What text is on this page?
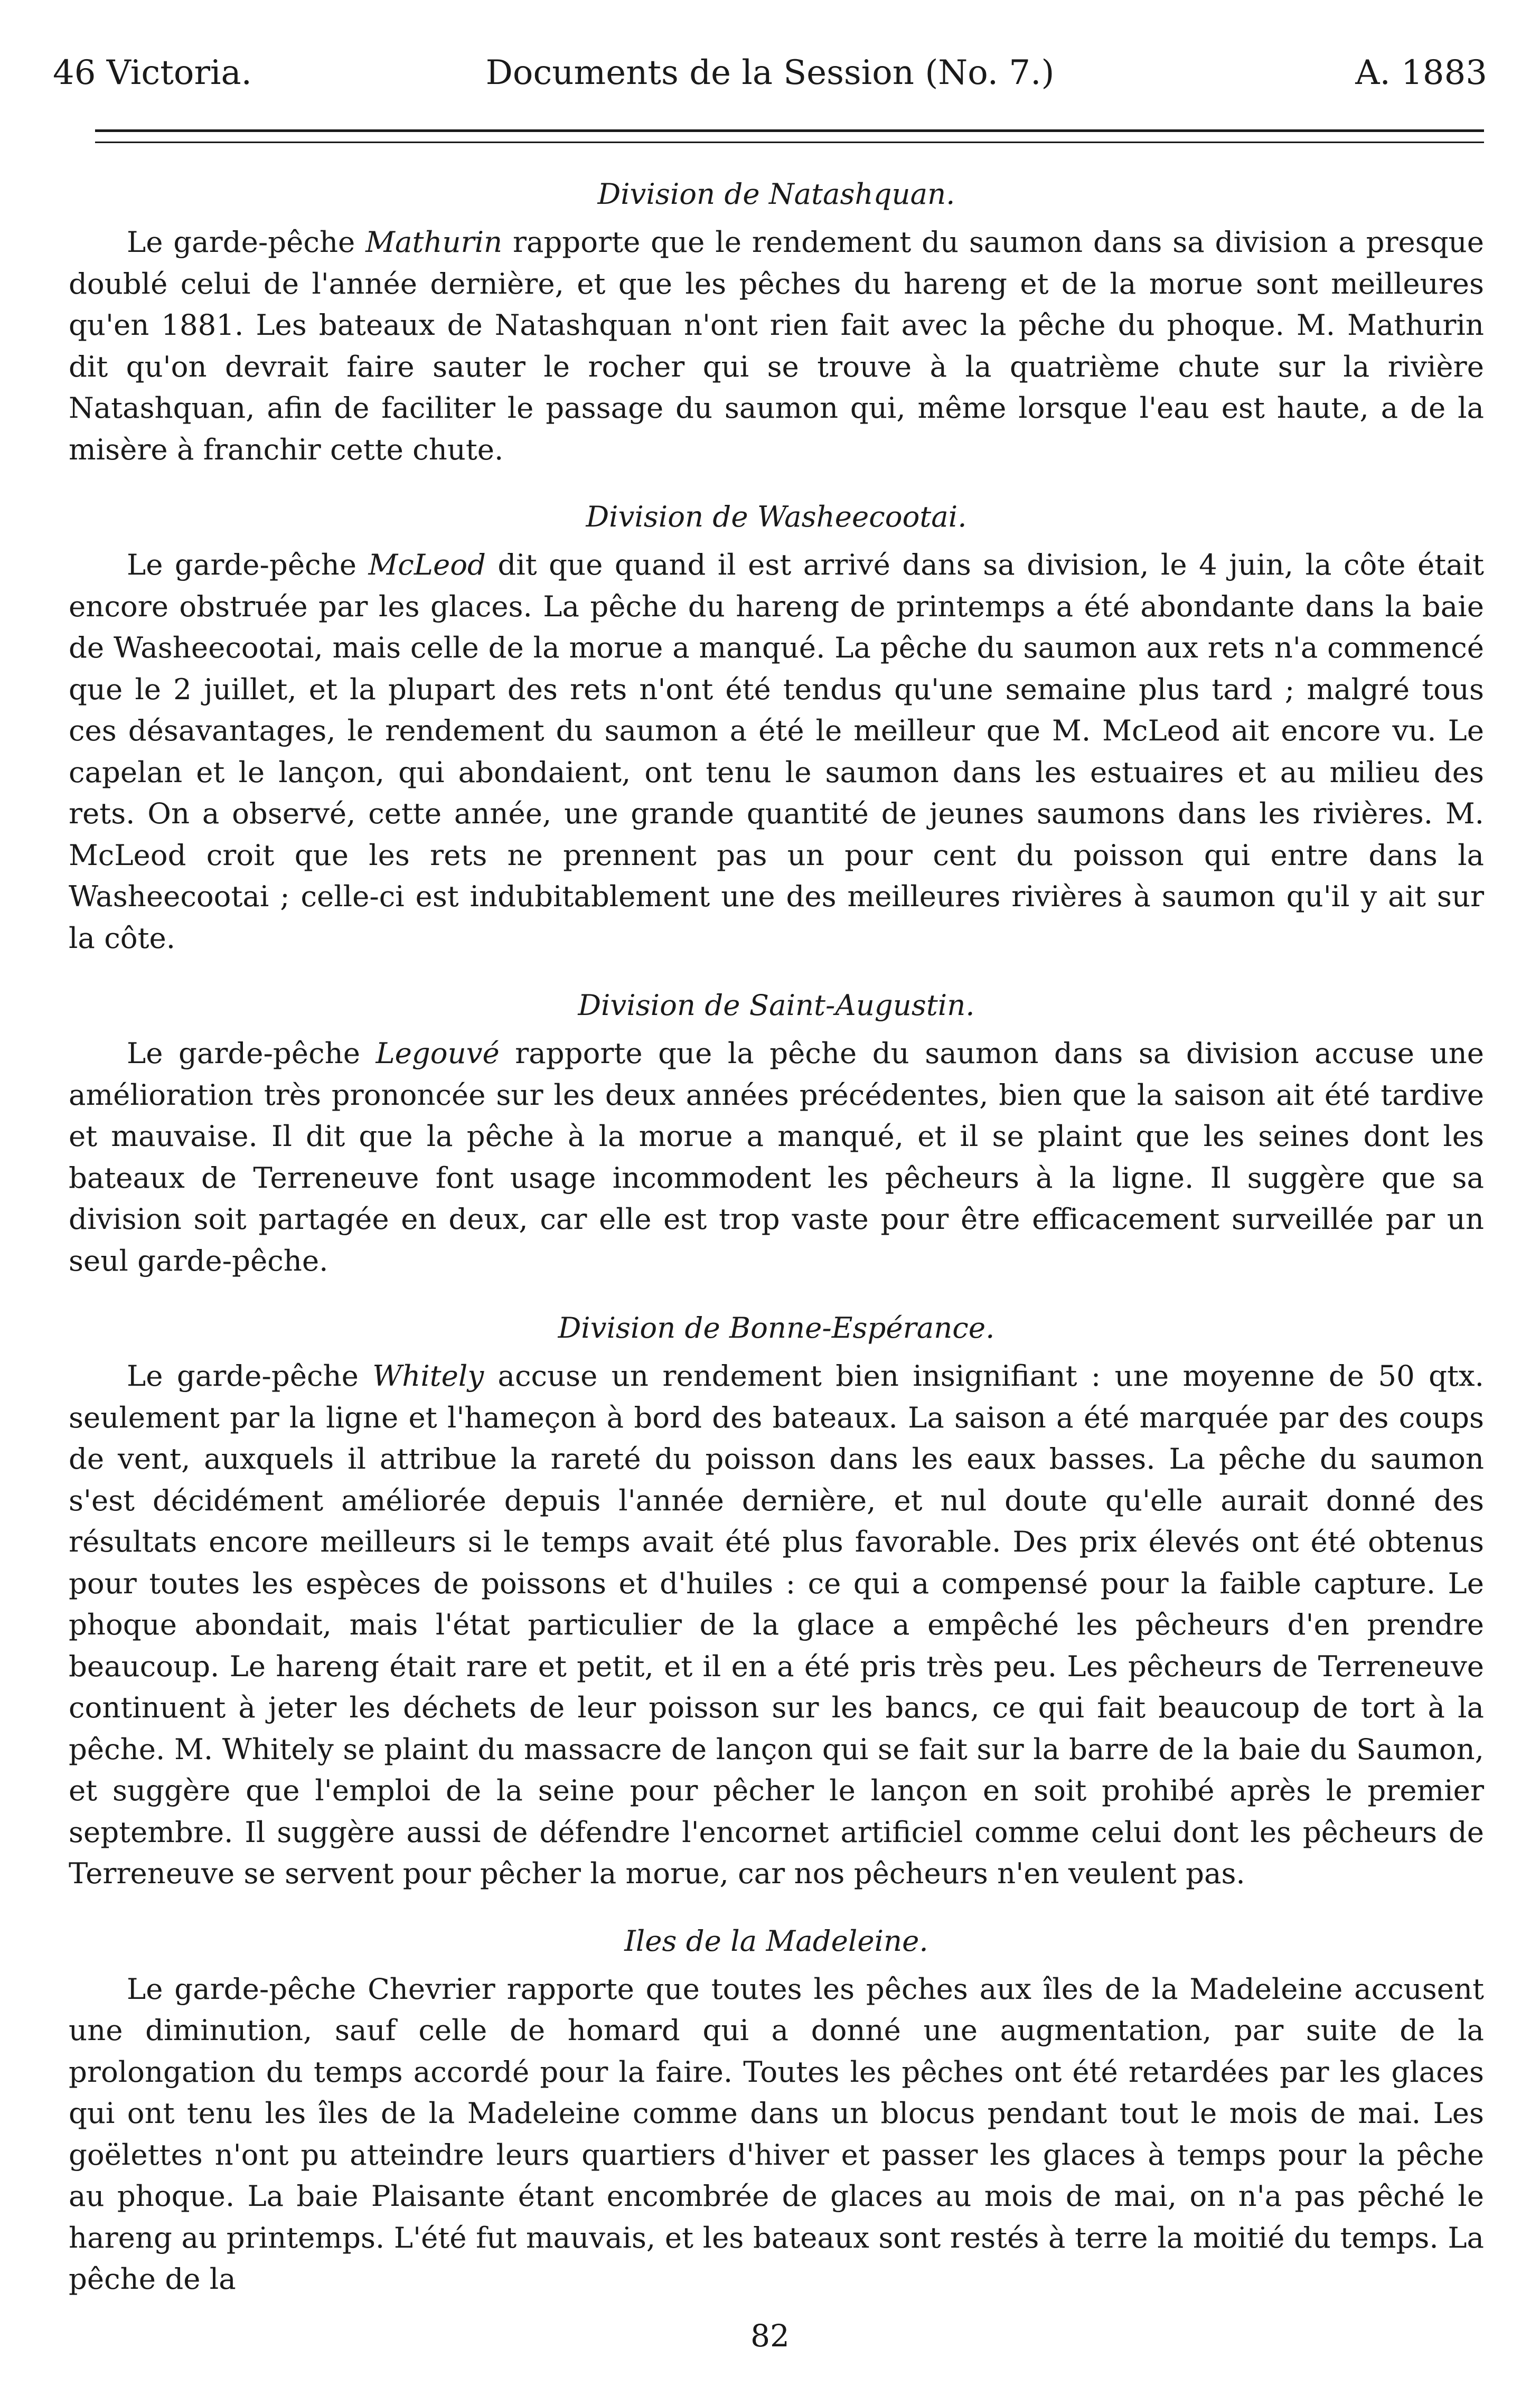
46 Victoria.	Documents de la Session (No. 7.)	A. 1883

Division de Natashquan.

Le garde-pêche Mathurin rapporte que le rendement du saumon dans sa division a presque doublé celui de l'année dernière, et que les pêches du hareng et de la morue sont meilleures qu'en 1881. Les bateaux de Natashquan n'ont rien fait avec la pêche du phoque. M. Mathurin dit qu'on devrait faire sauter le rocher qui se trouve à la quatrième chute sur la rivière Natashquan, afin de faciliter le passage du saumon qui, même lorsque l'eau est haute, a de la misère à franchir cette chute.

Division de Washeecootai.

Le garde-pêche McLeod dit que quand il est arrivé dans sa division, le 4 juin, la côte était encore obstruée par les glaces. La pêche du hareng de printemps a été abondante dans la baie de Washeecootai, mais celle de la morue a manqué. La pêche du saumon aux rets n'a commencé que le 2 juillet, et la plupart des rets n'ont été tendus qu'une semaine plus tard ; malgré tous ces désavantages, le rendement du saumon a été le meilleur que M. McLeod ait encore vu. Le capelan et le lançon, qui abondaient, ont tenu le saumon dans les estuaires et au milieu des rets. On a observé, cette année, une grande quantité de jeunes saumons dans les rivières. M. McLeod croit que les rets ne prennent pas un pour cent du poisson qui entre dans la Washeecootai ; celle-ci est indubitablement une des meilleures rivières à saumon qu'il y ait sur la côte.

Division de Saint-Augustin.

Le garde-pêche Legouvé rapporte que la pêche du saumon dans sa division accuse une amélioration très prononcée sur les deux années précédentes, bien que la saison ait été tardive et mauvaise. Il dit que la pêche à la morue a manqué, et il se plaint que les seines dont les bateaux de Terreneuve font usage incommodent les pêcheurs à la ligne. Il suggère que sa division soit partagée en deux, car elle est trop vaste pour être efficacement surveillée par un seul garde-pêche.

Division de Bonne-Espérance.

Le garde-pêche Whitely accuse un rendement bien insignifiant : une moyenne de 50 qtx. seulement par la ligne et l'hameçon à bord des bateaux. La saison a été marquée par des coups de vent, auxquels il attribue la rareté du poisson dans les eaux basses. La pêche du saumon s'est décidément améliorée depuis l'année dernière, et nul doute qu'elle aurait donné des résultats encore meilleurs si le temps avait été plus favorable. Des prix élevés ont été obtenus pour toutes les espèces de poissons et d'huiles : ce qui a compensé pour la faible capture. Le phoque abondait, mais l'état particulier de la glace a empêché les pêcheurs d'en prendre beaucoup. Le hareng était rare et petit, et il en a été pris très peu. Les pêcheurs de Terreneuve continuent à jeter les déchets de leur poisson sur les bancs, ce qui fait beaucoup de tort à la pêche. M. Whitely se plaint du massacre de lançon qui se fait sur la barre de la baie du Saumon, et suggère que l'emploi de la seine pour pêcher le lançon en soit prohibé après le premier septembre. Il suggère aussi de défendre l'encornet artificiel comme celui dont les pêcheurs de Terreneuve se servent pour pêcher la morue, car nos pêcheurs n'en veulent pas.

Iles de la Madeleine.

Le garde-pêche Chevrier rapporte que toutes les pêches aux îles de la Madeleine accusent une diminution, sauf celle de homard qui a donné une augmentation, par suite de la prolongation du temps accordé pour la faire. Toutes les pêches ont été retardées par les glaces qui ont tenu les îles de la Madeleine comme dans un blocus pendant tout le mois de mai. Les goëlettes n'ont pu atteindre leurs quartiers d'hiver et passer les glaces à temps pour la pêche au phoque. La baie Plaisante étant encombrée de glaces au mois de mai, on n'a pas pêché le hareng au printemps. L'été fut mauvais, et les bateaux sont restés à terre la moitié du temps. La pêche de la

82
